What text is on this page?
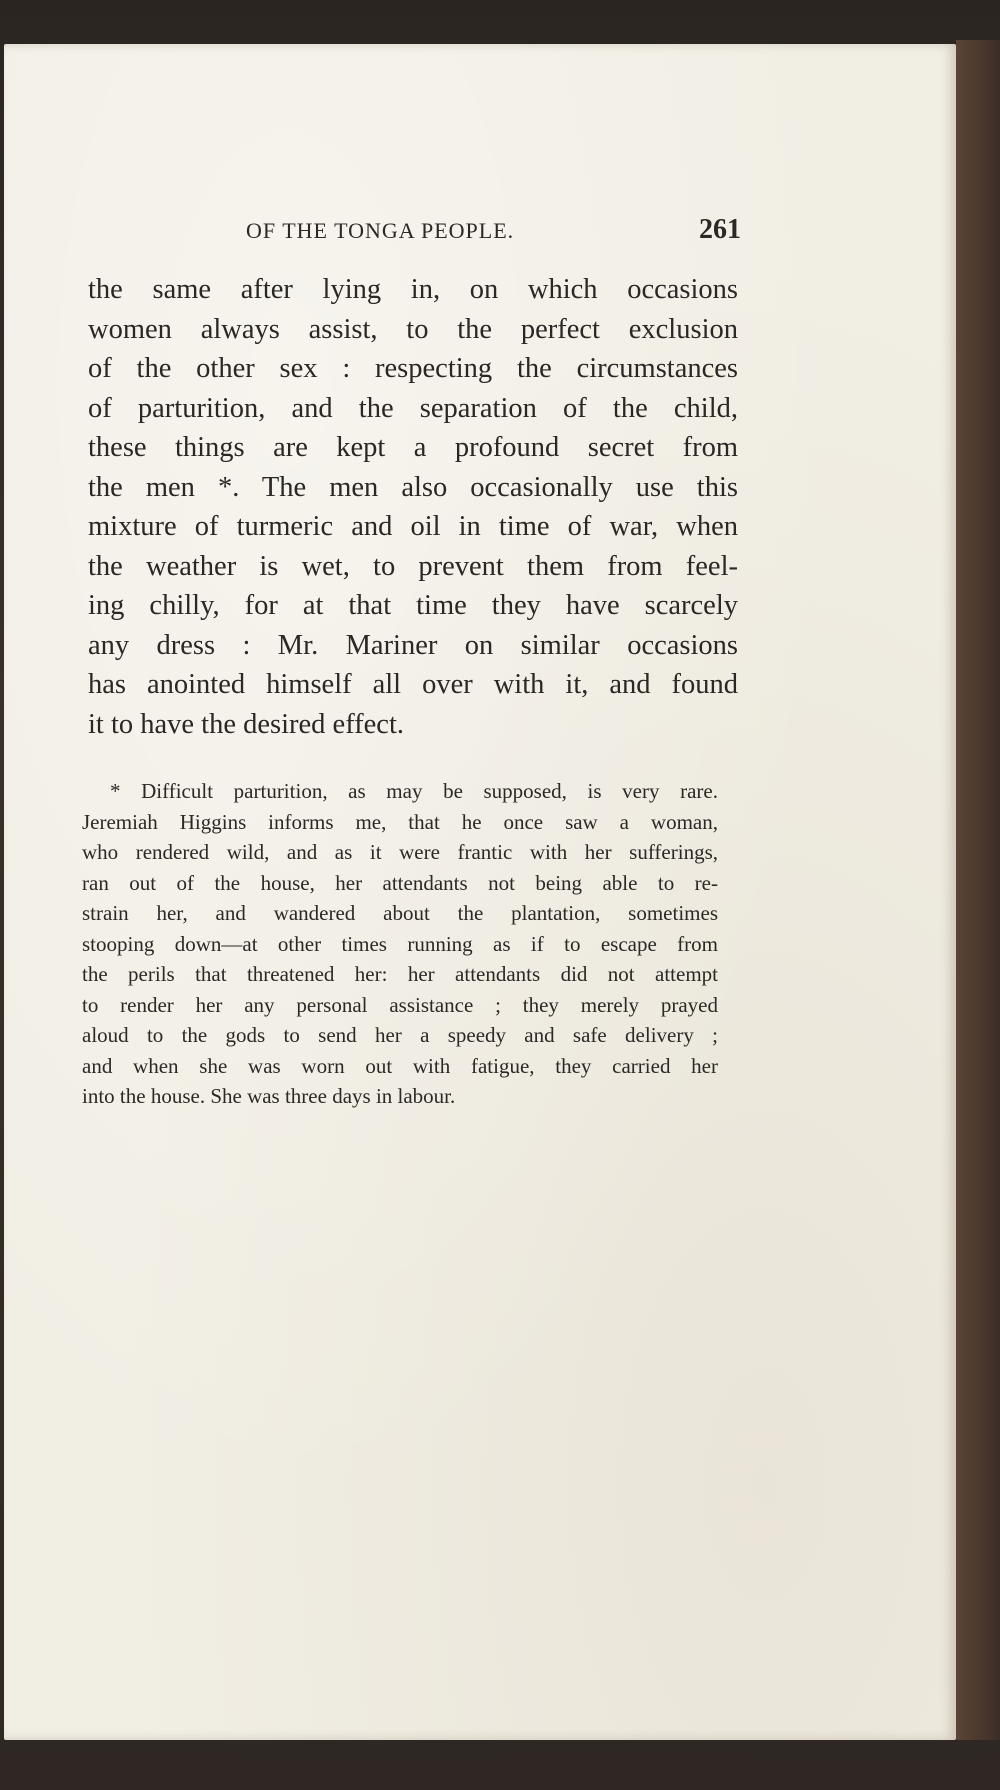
OF THE TONGA PEOPLE.	261

the same after lying in, on which occasions
women always assist, to the perfect exclusion
of the other sex : respecting the circumstances
of parturition, and the separation of the child,
these things are kept a profound secret from
the men *. The men also occasionally use this
mixture of turmeric and oil in time of war, when
the weather is wet, to prevent them from feel-
ing chilly, for at that time they have scarcely
any dress : Mr. Mariner on similar occasions
has anointed himself all over with it, and found
it to have the desired effect.

* Difficult parturition, as may be supposed, is very rare.
Jeremiah Higgins informs me, that he once saw a woman,
who rendered wild, and as it were frantic with her sufferings,
ran out of the house, her attendants not being able to re-
strain her, and wandered about the plantation, sometimes
stooping down—at other times running as if to escape from
the perils that threatened her: her attendants did not attempt
to render her any personal assistance ; they merely prayed
aloud to the gods to send her a speedy and safe delivery ;
and when she was worn out with fatigue, they carried her
into the house. She was three days in labour.
